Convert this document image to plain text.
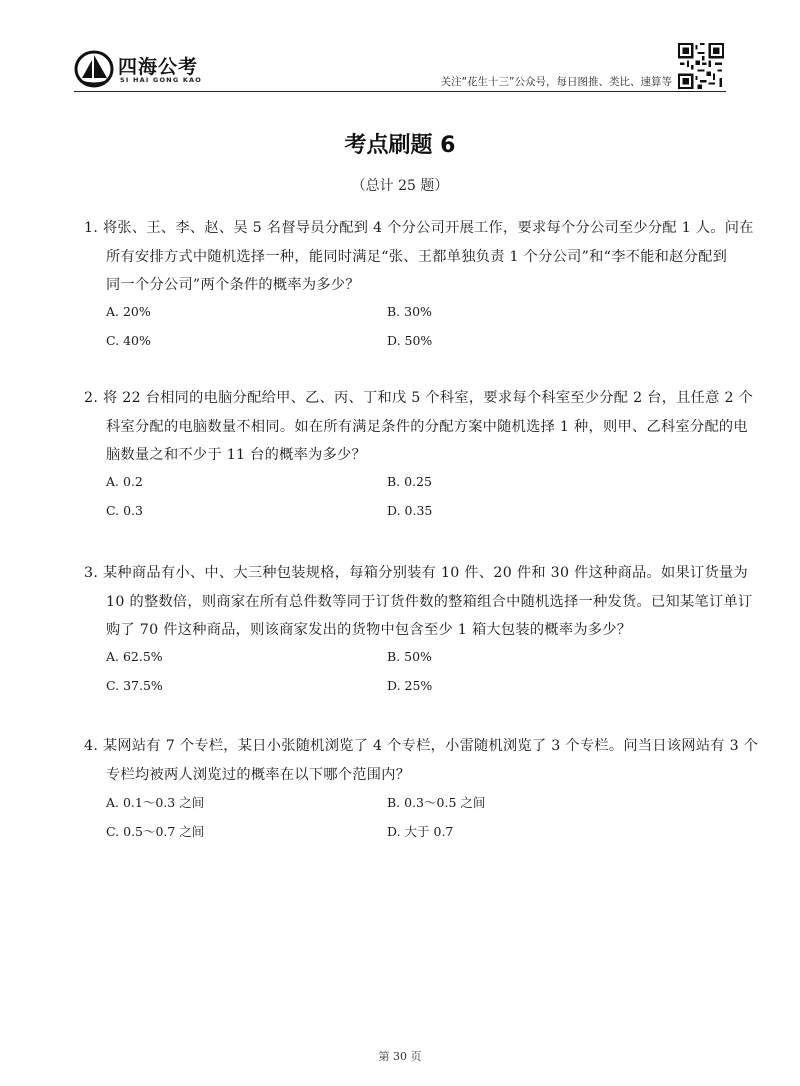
四海公考
SI HAI GONG KAO	关注“花生十三”公众号，每日图推、类比、速算等
考点刷题 6
（总计 25 题）
1. 将张、王、李、赵、吴 5 名督导员分配到 4 个分公司开展工作，要求每个分公司至少分配 1 人。问在
所有安排方式中随机选择一种，能同时满足“张、王都单独负责 1 个分公司”和“李不能和赵分配到
同一个分公司”两个条件的概率为多少？
A. 20%	B. 30%
C. 40%	D. 50%
2. 将 22 台相同的电脑分配给甲、乙、丙、丁和戊 5 个科室，要求每个科室至少分配 2 台，且任意 2 个
科室分配的电脑数量不相同。如在所有满足条件的分配方案中随机选择 1 种，则甲、乙科室分配的电
脑数量之和不少于 11 台的概率为多少？
A. 0.2	B. 0.25
C. 0.3	D. 0.35
3. 某种商品有小、中、大三种包装规格，每箱分别装有 10 件、20 件和 30 件这种商品。如果订货量为
10 的整数倍，则商家在所有总件数等同于订货件数的整箱组合中随机选择一种发货。已知某笔订单订
购了 70 件这种商品，则该商家发出的货物中包含至少 1 箱大包装的概率为多少？
A. 62.5%	B. 50%
C. 37.5%	D. 25%
4. 某网站有 7 个专栏，某日小张随机浏览了 4 个专栏，小雷随机浏览了 3 个专栏。问当日该网站有 3 个
专栏均被两人浏览过的概率在以下哪个范围内？
A. 0.1～0.3 之间	B. 0.3～0.5 之间
C. 0.5～0.7 之间	D. 大于 0.7
第 30 页
